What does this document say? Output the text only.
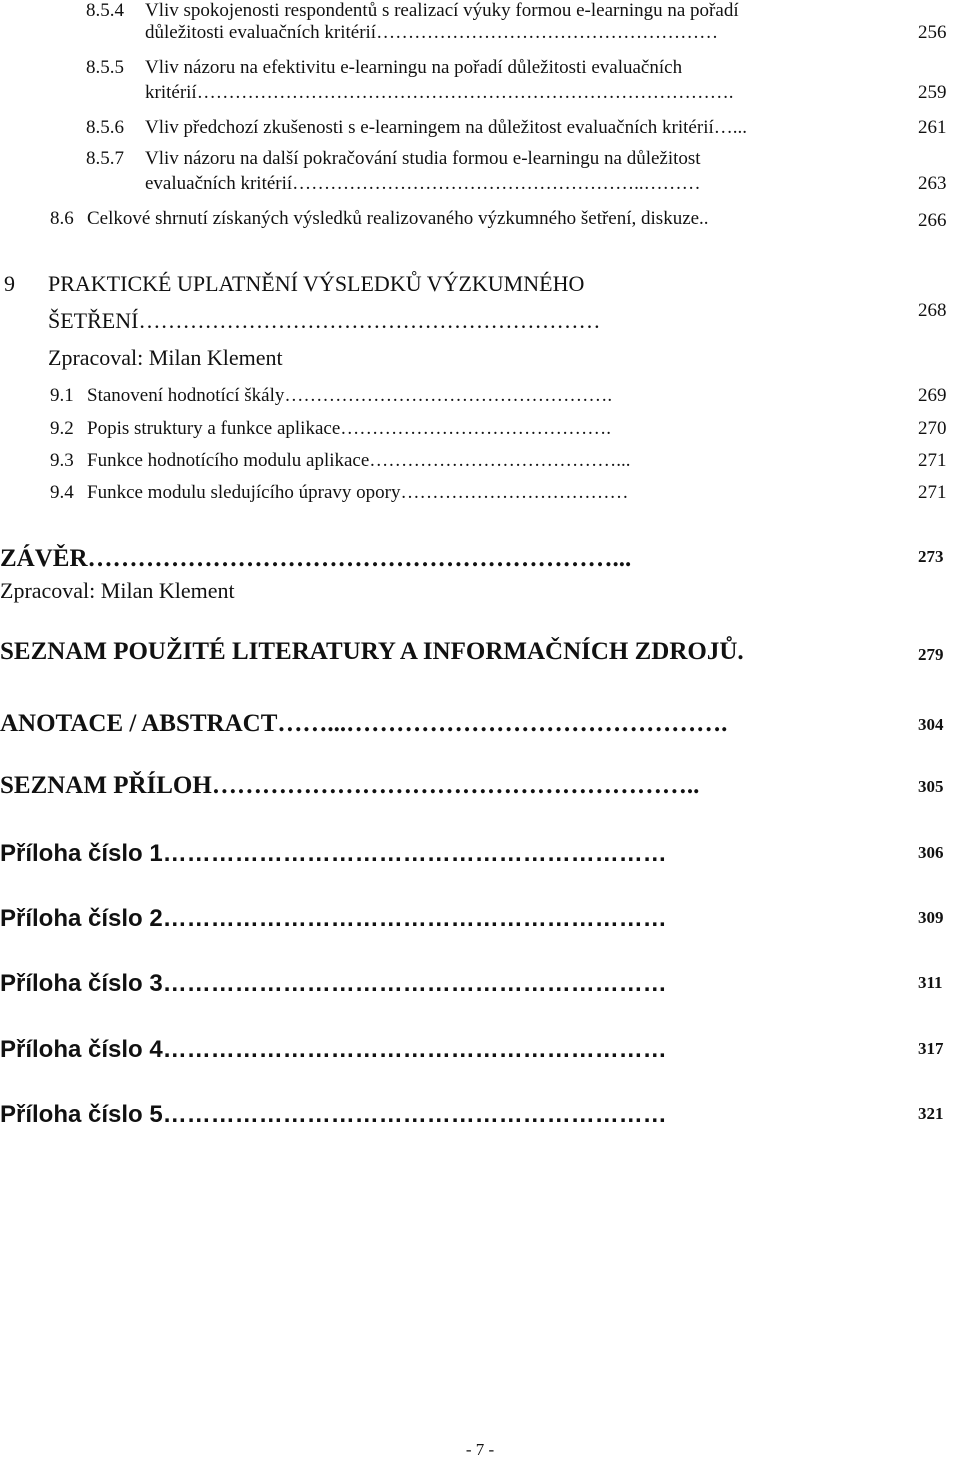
8.5.4 Vliv spokojenosti respondentů s realizací výuky formou e-learningu na pořadí
důležitosti evaluačních kritérií………………………………………………	256
8.5.5 Vliv názoru na efektivitu e-learningu na pořadí důležitosti evaluačních
kritérií………………………………………………………………………….	259
8.5.6 Vliv předchozí zkušenosti s e-learningem na důležitost evaluačních kritérií…...	261
8.5.7 Vliv názoru na další pokračování studia formou e-learningu na důležitost
evaluačních kritérií………………………………………………..………	263
8.6 Celkové shrnutí získaných výsledků realizovaného výzkumného šetření, diskuze..	266
9 PRAKTICKÉ UPLATNĚNÍ VÝSLEDKŮ VÝZKUMNÉHO
ŠETŘENÍ………………………………………………………	268
Zpracoval: Milan Klement
9.1 Stanovení hodnotící škály…………………………………………….	269
9.2 Popis struktury a funkce aplikace…………………………………….	270
9.3 Funkce hodnotícího modulu aplikace…………………………………...	271
9.4 Funkce modulu sledujícího úpravy opory………………………………	271
ZÁVĚR………………………………………………………...	273
Zpracoval: Milan Klement
SEZNAM POUŽITÉ LITERATURY A INFORMAČNÍCH ZDROJŮ.	279
ANOTACE / ABSTRACT……...……………………………………….	304
SEZNAM PŘÍLOH…………………………………………………..	305
Příloha číslo 1………………………………………………………	306
Příloha číslo 2………………………………………………………	309
Příloha číslo 3………………………………………………………	311
Příloha číslo 4………………………………………………………	317
Příloha číslo 5………………………………………………………	321
- 7 -
